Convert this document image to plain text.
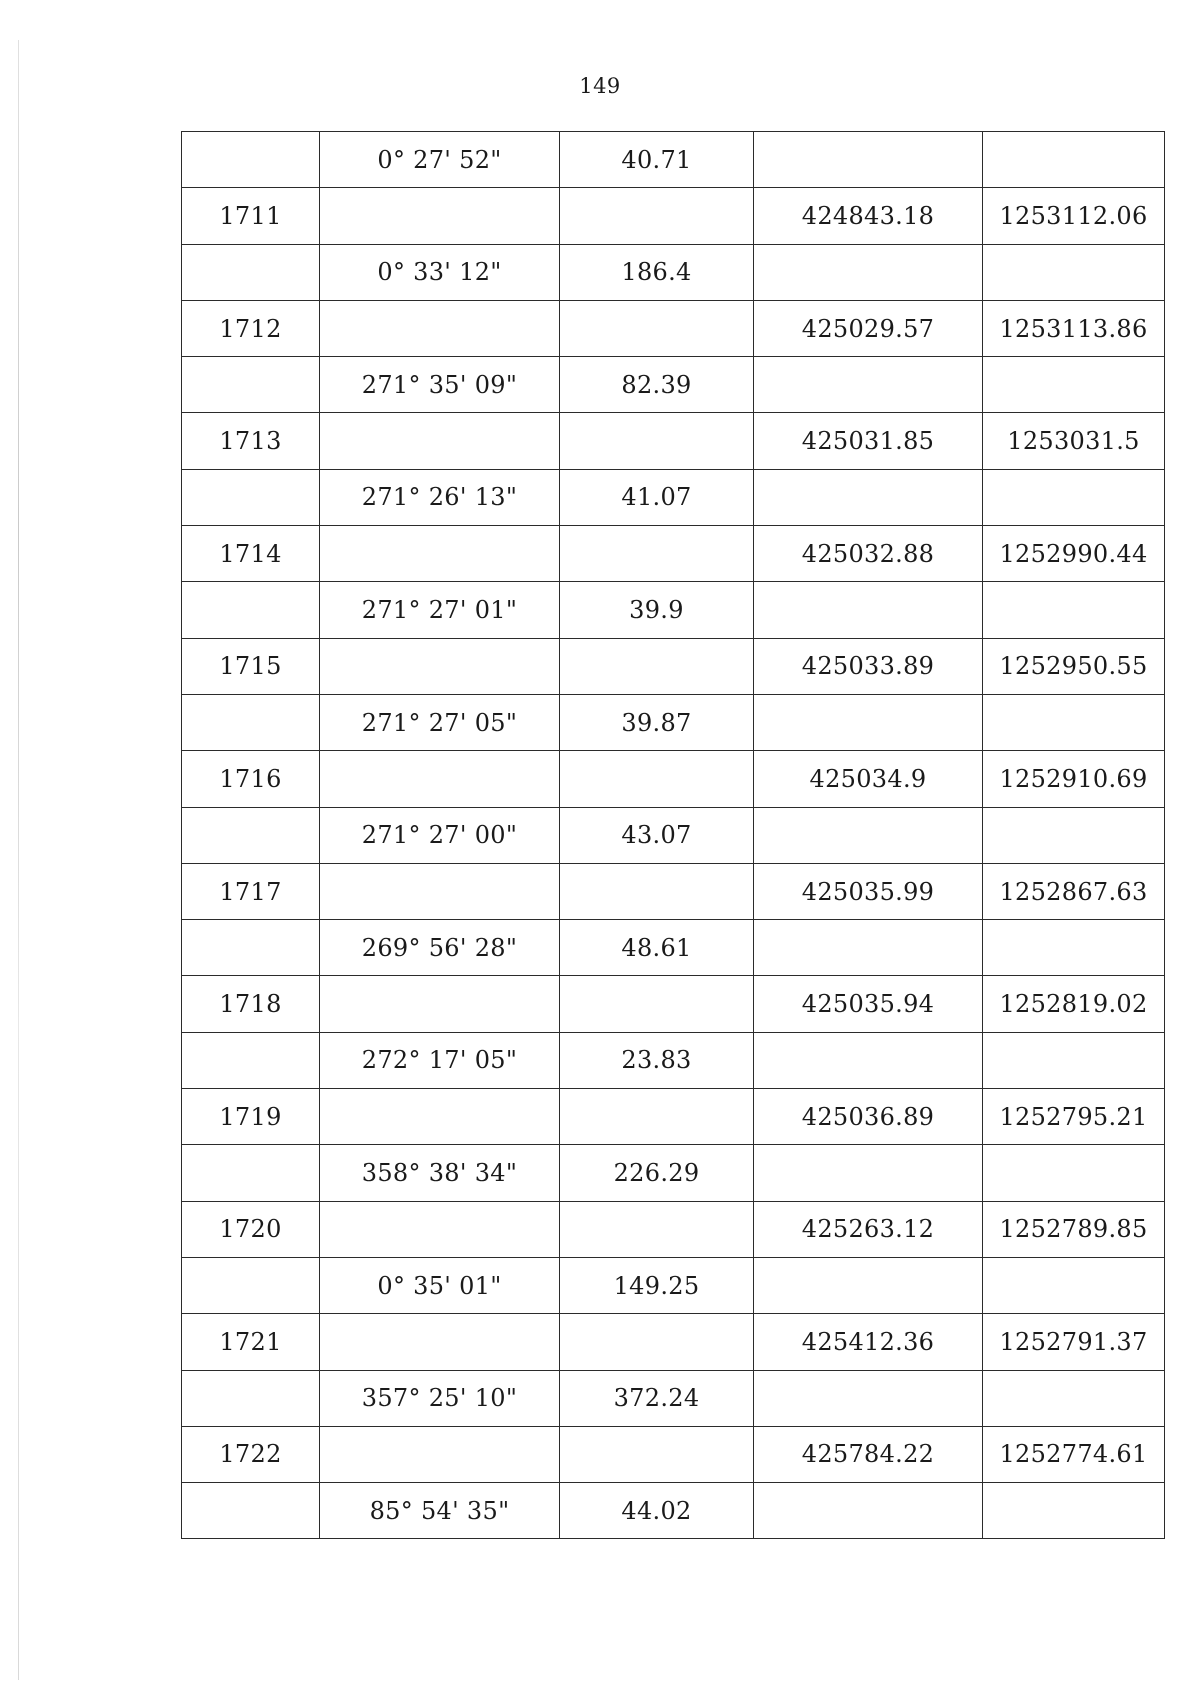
149
	0° 27' 52"	40.71		
1711			424843.18	1253112.06
	0° 33' 12"	186.4		
1712			425029.57	1253113.86
	271° 35' 09"	82.39		
1713			425031.85	1253031.5
	271° 26' 13"	41.07		
1714			425032.88	1252990.44
	271° 27' 01"	39.9		
1715			425033.89	1252950.55
	271° 27' 05"	39.87		
1716			425034.9	1252910.69
	271° 27' 00"	43.07		
1717			425035.99	1252867.63
	269° 56' 28"	48.61		
1718			425035.94	1252819.02
	272° 17' 05"	23.83		
1719			425036.89	1252795.21
	358° 38' 34"	226.29		
1720			425263.12	1252789.85
	0° 35' 01"	149.25		
1721			425412.36	1252791.37
	357° 25' 10"	372.24		
1722			425784.22	1252774.61
	85° 54' 35"	44.02		
